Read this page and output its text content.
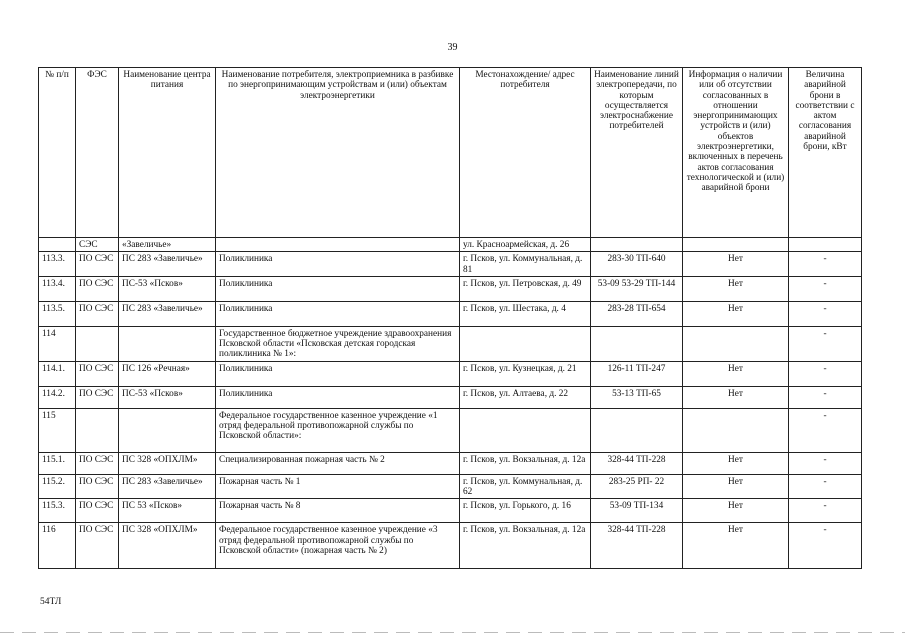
39
№ п/п	ФЭС	Наименование центра питания	Наименование потребителя, электроприемника в разбивке по энергопринимающим устройствам и (или) объектам электроэнергетики	Местонахождение/ адрес потребителя	Наименование линий электропередачи, по которым осуществляется электроснабжение потребителей	Информация о наличии или об отсутствии согласованных в отношении энергопринимающих устройств и (или) объектов электроэнергетики, включенных в перечень актов согласования технологической и (или) аварийной брони	Величина аварийной брони в соответствии с актом согласования аварийной брони, кВт
	СЭС	«Завеличье»		ул. Красноармейская, д. 26			
113.3.	ПО СЭС	ПС 283 «Завеличье»	Поликлиника	г. Псков, ул. Коммунальная, д. 81	283-30 ТП-640	Нет	-
113.4.	ПО СЭС	ПС-53 «Псков»	Поликлиника	г. Псков, ул. Петровская, д. 49	53-09 53-29 ТП-144	Нет	-
113.5.	ПО СЭС	ПС 283 «Завеличье»	Поликлиника	г. Псков, ул. Шестака, д. 4	283-28 ТП-654	Нет	-
114			Государственное бюджетное учреждение здравоохранения Псковской области «Псковская детская городская поликлиника № 1»:				-
114.1.	ПО СЭС	ПС 126 «Речная»	Поликлиника	г. Псков, ул. Кузнецкая, д. 21	126-11 ТП-247	Нет	-
114.2.	ПО СЭС	ПС-53 «Псков»	Поликлиника	г. Псков, ул. Алтаева, д. 22	53-13 ТП-65	Нет	-
115			Федеральное государственное казенное учреждение «1 отряд федеральной противопожарной службы по Псковской области»:				-
115.1.	ПО СЭС	ПС 328 «ОПХЛМ»	Специализированная пожарная часть № 2	г. Псков, ул. Вокзальная, д. 12а	328-44 ТП-228	Нет	-
115.2.	ПО СЭС	ПС 283 «Завеличье»	Пожарная часть № 1	г. Псков, ул. Коммунальная, д. 62	283-25 РП- 22	Нет	-
115.3.	ПО СЭС	ПС 53 «Псков»	Пожарная часть № 8	г. Псков, ул. Горького, д. 16	53-09 ТП-134	Нет	-
116	ПО СЭС	ПС 328 «ОПХЛМ»	Федеральное государственное казенное учреждение «3 отряд федеральной противопожарной службы по Псковской области» (пожарная часть № 2)	г. Псков, ул. Вокзальная, д. 12а	328-44 ТП-228	Нет	-
54ТЛ
